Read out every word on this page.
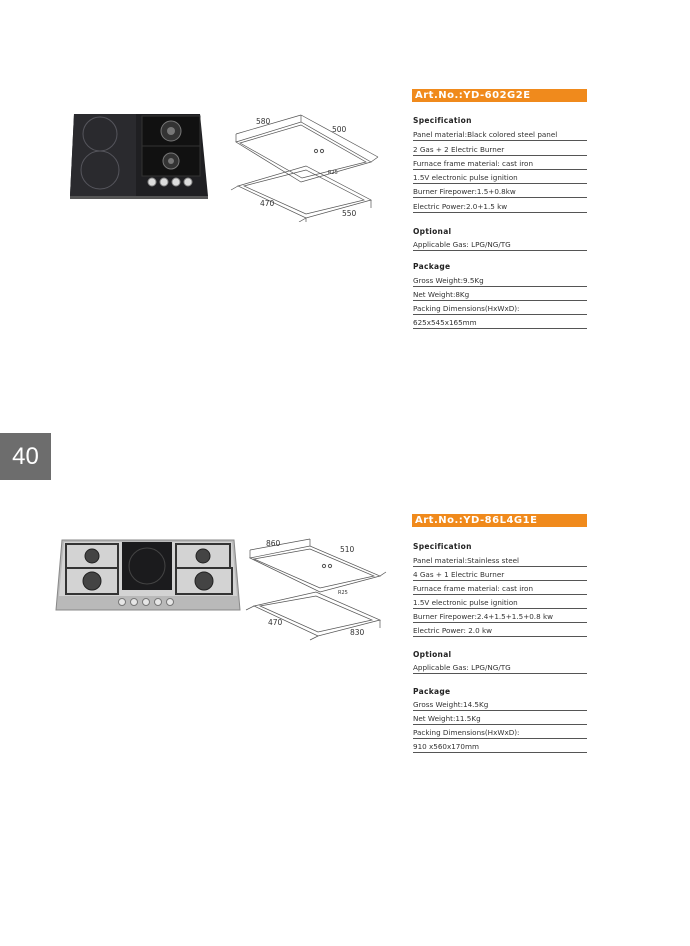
580
500
R25
470
550
Art.No.:YD-602G2E
Specification
Panel material:Black colored steel panel
2 Gas + 2 Electric Burner
Furnace frame material: cast iron
1.5V electronic pulse ignition
Burner Firepower:1.5+0.8kw
Electric Power:2.0+1.5 kw
Optional
Applicable Gas: LPG/NG/TG
Package
Gross Weight:9.5Kg
Net Weight:8Kg
Packing Dimensions(HxWxD):
625x545x165mm
40
860
510
R25
470
830
Art.No.:YD-86L4G1E
Specification
Panel material:Stainless steel
4 Gas + 1 Electric Burner
Furnace frame material: cast iron
1.5V electronic pulse ignition
Burner Firepower:2.4+1.5+1.5+0.8 kw
Electric Power: 2.0 kw
Optional
Applicable Gas: LPG/NG/TG
Package
Gross Weight:14.5Kg
Net Weight:11.5Kg
Packing Dimensions(HxWxD):
910 x560x170mm
